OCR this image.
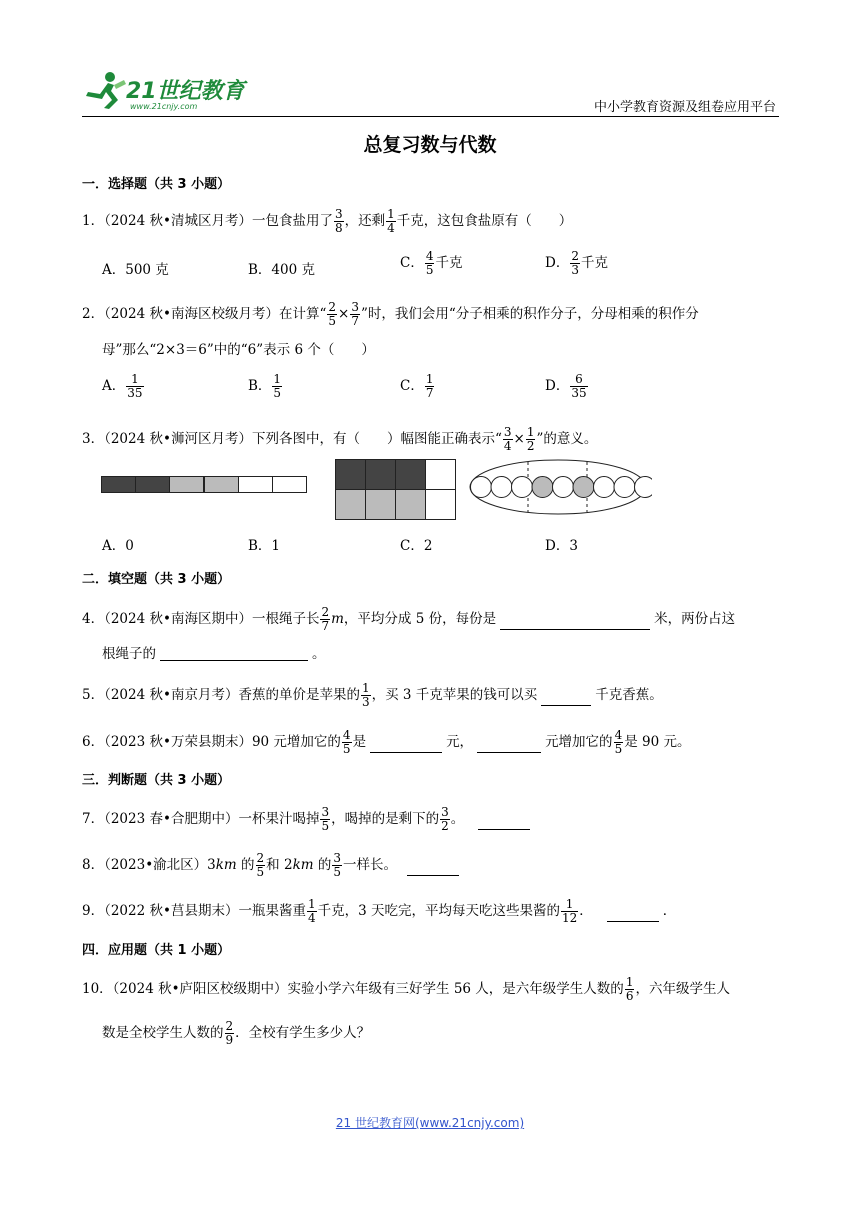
21世纪教育
www.21cnjy.com	中小学教育资源及组卷应用平台
总复习数与代数
一．选择题（共 3 小题）
1．（2024 秋•清城区月考）一包食盐用了 $\frac{3}{8}$ ，还剩 $\frac{1}{4}$ 千克，这包食盐原有（　　）
A．500 克	B．400 克	C． $\frac{4}{5}$ 千克	D． $\frac{2}{3}$ 千克
2．（2024 秋•南海区校级月考）在计算“ $\frac{2}{5} \times \frac{3}{7}$ ”时，我们会用“分子相乘的积作分子，分母相乘的积作分
母”那么“2×3＝6”中的“6”表示 6 个（　　）
A． $\frac{1}{35}$	B． $\frac{1}{5}$	C． $\frac{1}{7}$	D． $\frac{6}{35}$
3．（2024 秋•浉河区月考）下列各图中，有（　　）幅图能正确表示“ $\frac{3}{4} \times \frac{1}{2}$ ”的意义。
A．0	B．1	C．2	D．3
二．填空题（共 3 小题）
4．（2024 秋•南海区期中）一根绳子长 $\frac{2}{7}$ m，平均分成 5 份，每份是	米，两份占这
根绳子的	。
5．（2024 秋•南京月考）香蕉的单价是苹果的 $\frac{1}{3}$ ，买 3 千克苹果的钱可以买	千克香蕉。
6．（2023 秋•万荣县期末）90 元增加它的 $\frac{4}{5}$ 是	元，	元增加它的 $\frac{4}{5}$ 是 90 元。
三．判断题（共 3 小题）
7．（2023 春•合肥期中）一杯果汁喝掉 $\frac{3}{5}$ ，喝掉的是剩下的 $\frac{3}{2}$ 。
8．（2023•渝北区）3km 的 $\frac{2}{5}$ 和 2km 的 $\frac{3}{5}$ 一样长。
9．（2022 秋•莒县期末）一瓶果酱重 $\frac{1}{4}$ 千克，3 天吃完，平均每天吃这些果酱的 $\frac{1}{12}$ ．	．
四．应用题（共 1 小题）
10．（2024 秋•庐阳区校级期中）实验小学六年级有三好学生 56 人，是六年级学生人数的 $\frac{1}{6}$ ，六年级学生人
数是全校学生人数的 $\frac{2}{9}$ ．全校有学生多少人？
21 世纪教育网(www.21cnjy.com)
